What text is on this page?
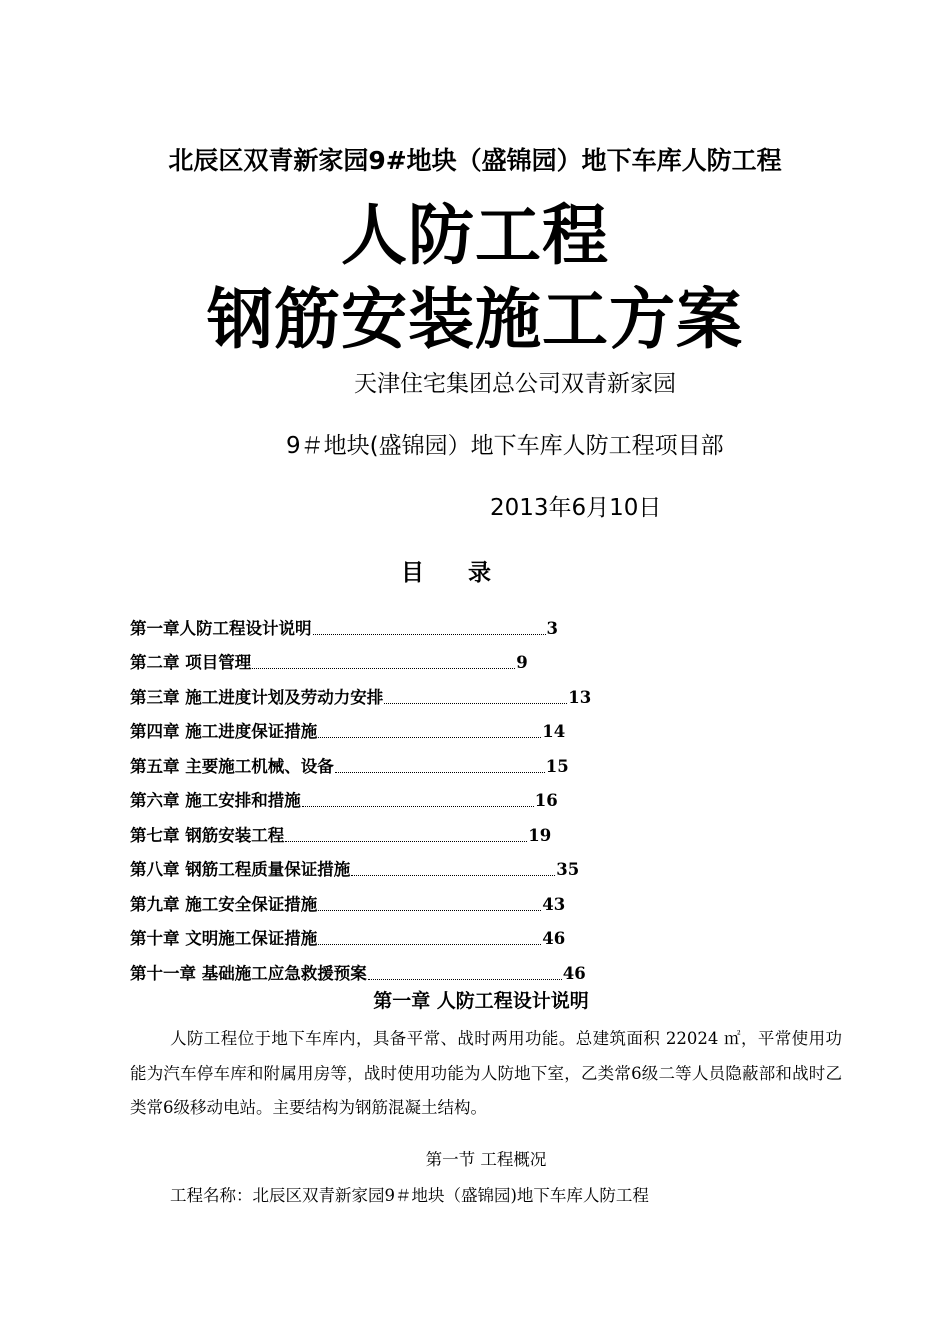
北辰区双青新家园9#地块（盛锦园）地下车库人防工程
人防工程
钢筋安装施工方案
天津住宅集团总公司双青新家园
9＃地块(盛锦园）地下车库人防工程项目部
2013年6月10日
目 录
第一章人防工程设计说明	3
第二章 项目管理	9
第三章 施工进度计划及劳动力安排	13
第四章 施工进度保证措施	14
第五章 主要施工机械、设备	15
第六章 施工安排和措施	16
第七章 钢筋安装工程	19
第八章 钢筋工程质量保证措施	35
第九章 施工安全保证措施	43
第十章 文明施工保证措施	46
第十一章 基础施工应急救援预案	46
第一章 人防工程设计说明

人防工程位于地下车库内，具备平常、战时两用功能。总建筑面积 22024 ㎡，平常使用功能为汽车停车库和附属用房等，战时使用功能为人防地下室，乙类常6级二等人员隐蔽部和战时乙类常6级移动电站。主要结构为钢筋混凝土结构。

第一节 工程概况
工程名称：北辰区双青新家园9＃地块（盛锦园)地下车库人防工程
